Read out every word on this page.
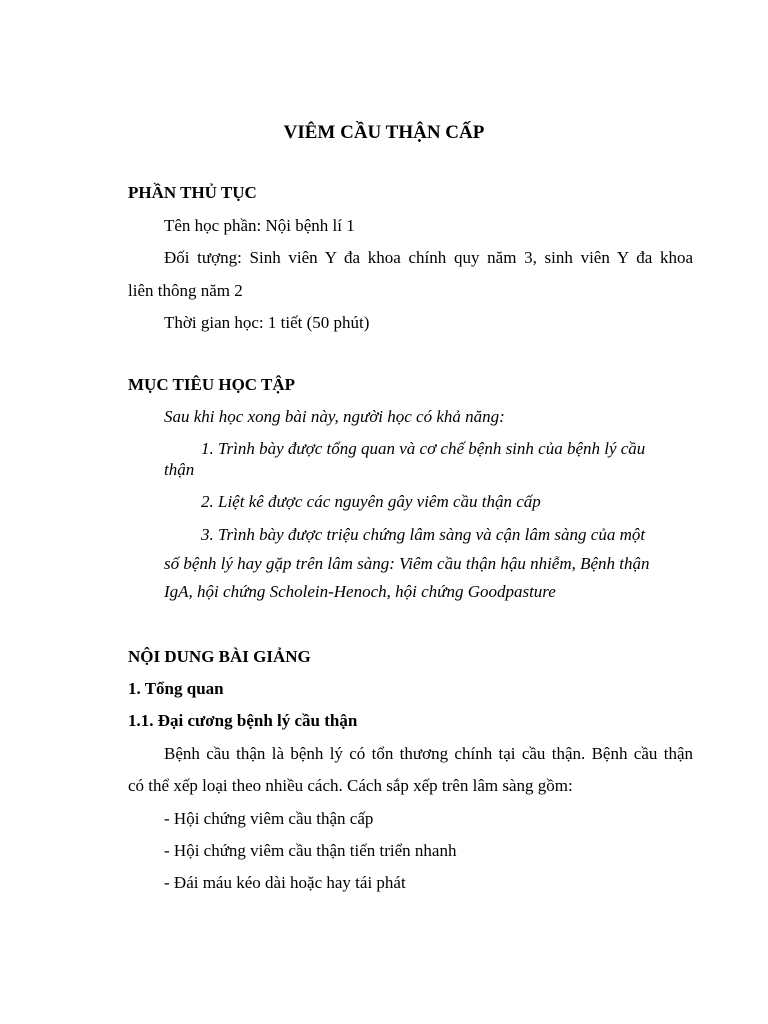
VIÊM CẦU THẬN CẤP
PHẦN THỦ TỤC
Tên học phần: Nội bệnh lí 1
Đối tượng: Sinh viên Y đa khoa chính quy năm 3, sinh viên Y đa khoa
liên thông năm 2
Thời gian học: 1 tiết (50 phút)
MỤC TIÊU HỌC TẬP
Sau khi học xong bài này, người học có khả năng:
1. Trình bày được tổng quan và cơ chế bệnh sinh của bệnh lý cầu
thận
2. Liệt kê được các nguyên gây viêm cầu thận cấp
3. Trình bày được triệu chứng lâm sàng và cận lâm sàng của một
số bệnh lý hay gặp trên lâm sàng: Viêm cầu thận hậu nhiễm, Bệnh thận
IgA, hội chứng Scholein-Henoch, hội chứng Goodpasture
NỘI DUNG BÀI GIẢNG
1. Tổng quan
1.1. Đại cương bệnh lý cầu thận
Bệnh cầu thận là bệnh lý có tổn thương chính tại cầu thận. Bệnh cầu thận
có thể xếp loại theo nhiều cách. Cách sắp xếp trên lâm sàng gồm:
- Hội chứng viêm cầu thận cấp
- Hội chứng viêm cầu thận tiến triển nhanh
- Đái máu kéo dài hoặc hay tái phát
